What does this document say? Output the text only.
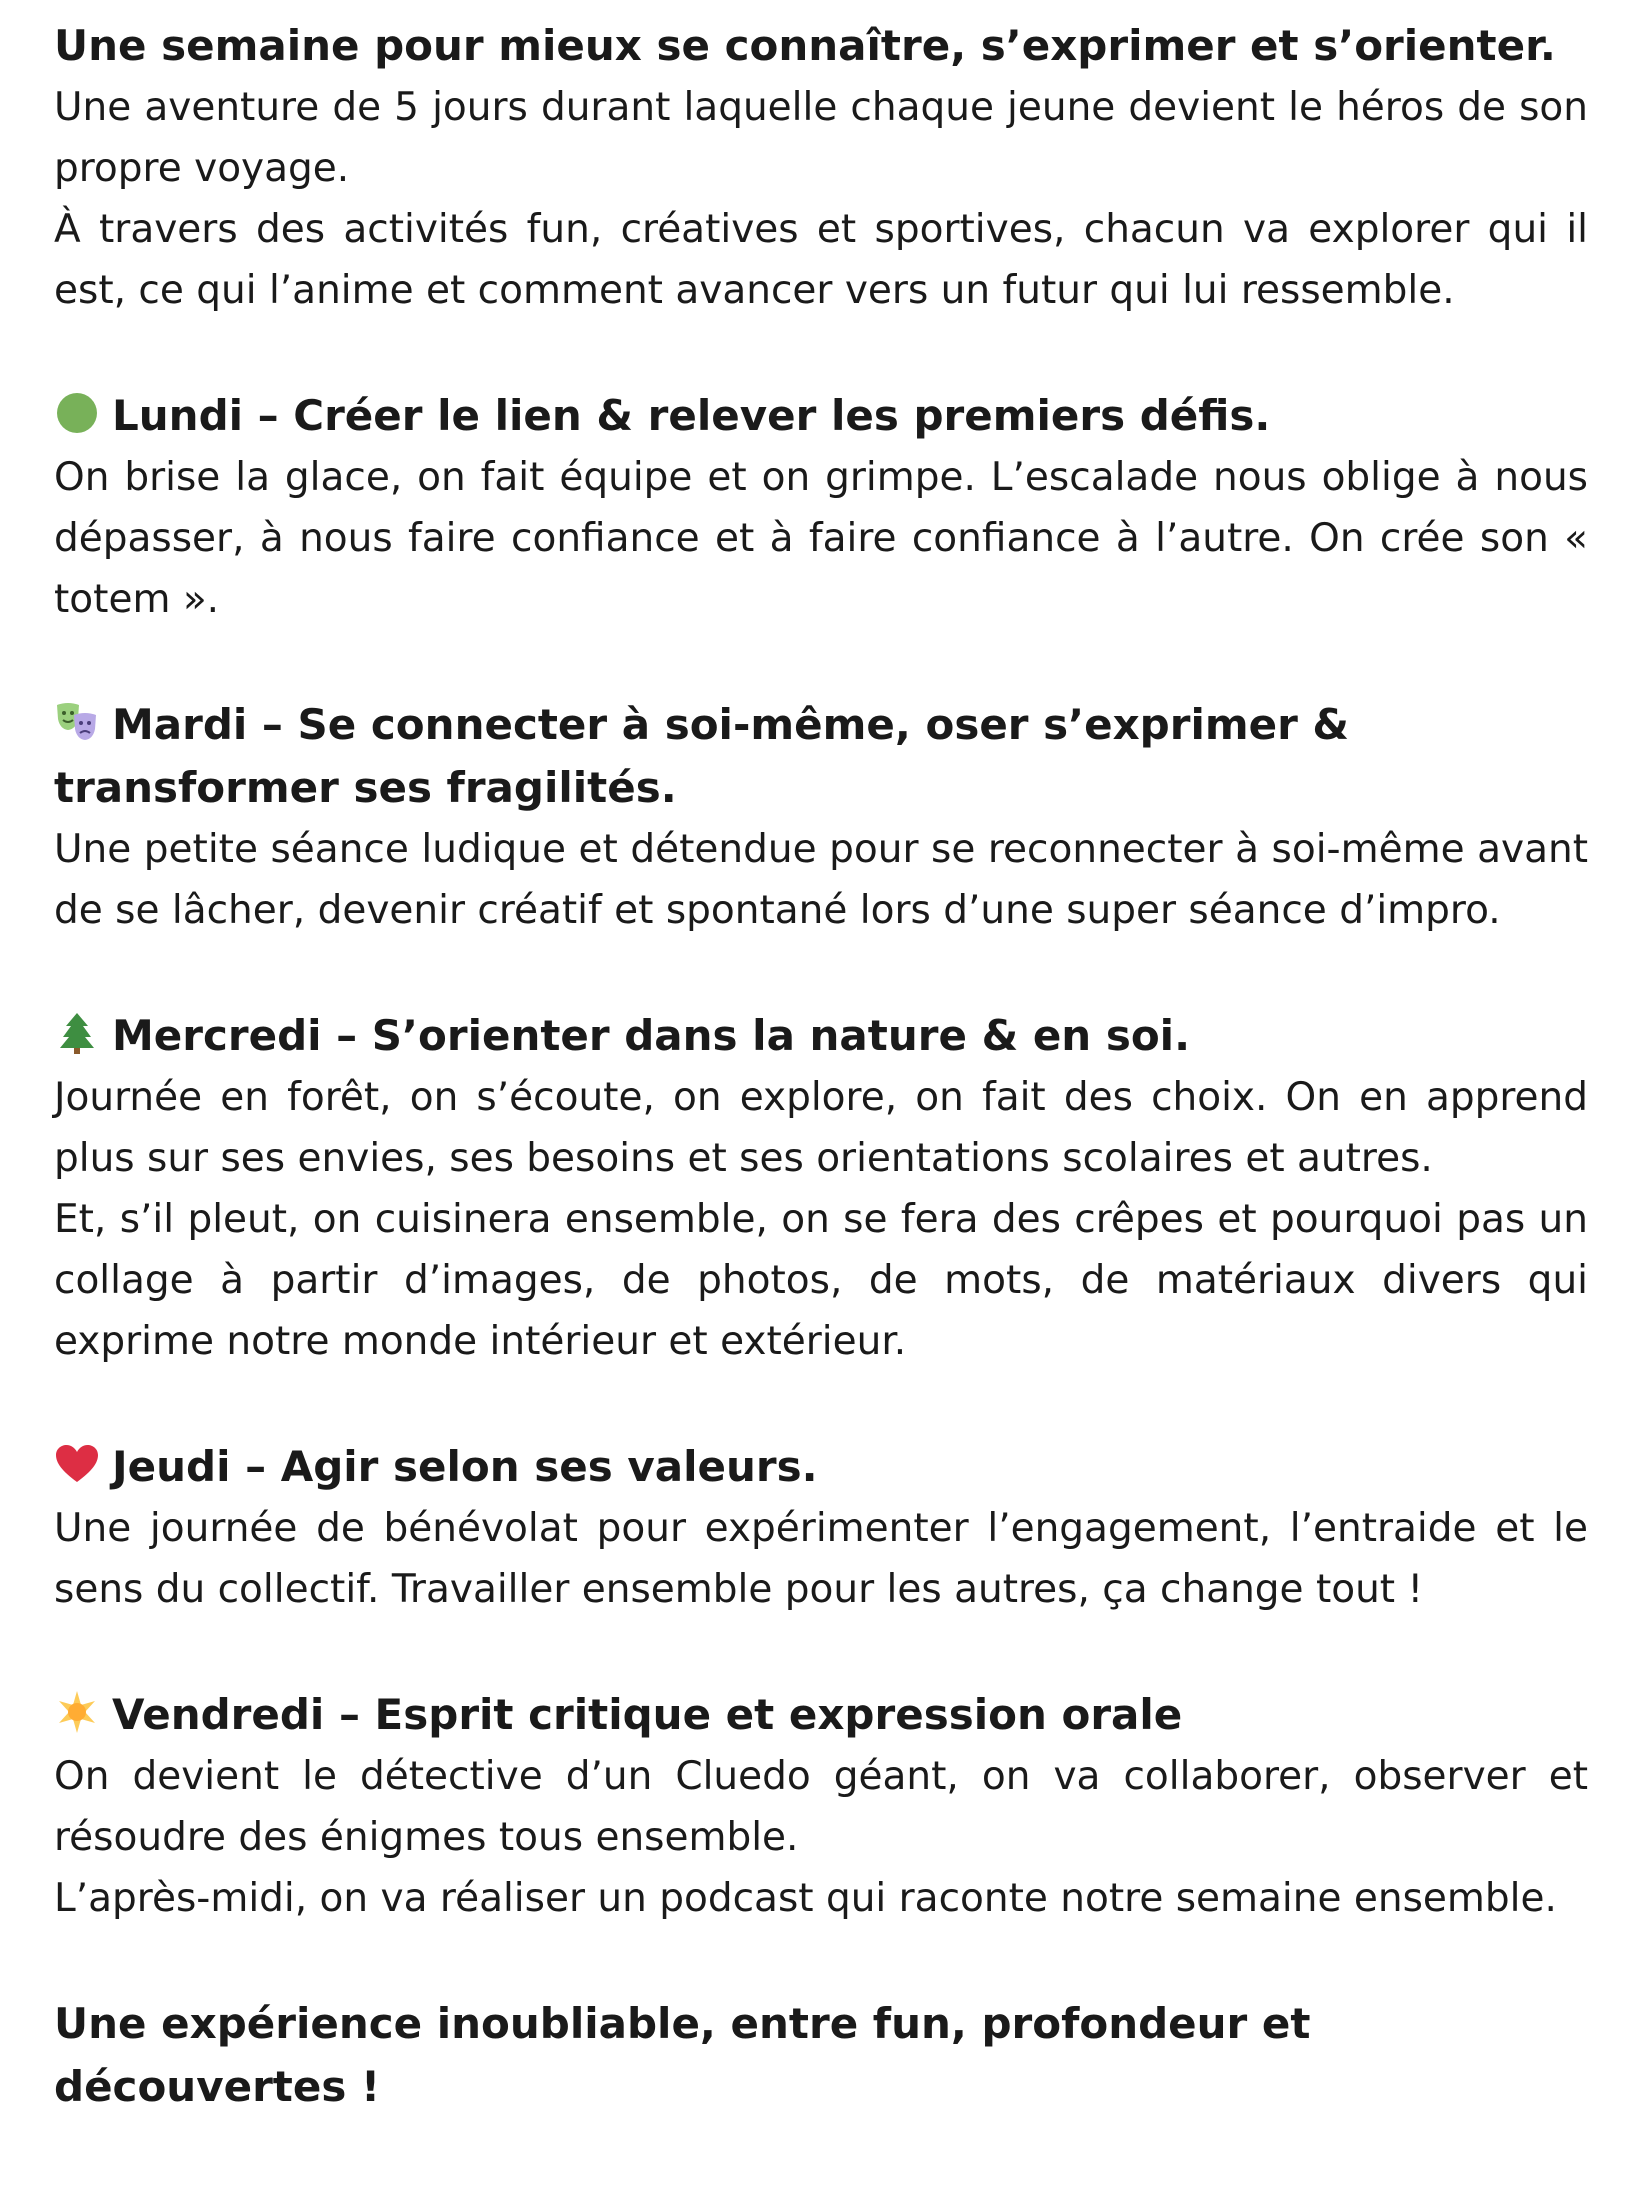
Une semaine pour mieux se connaître, s’exprimer et s’orienter.

Une aventure de 5 jours durant laquelle chaque jeune devient le héros de son propre voyage.

À travers des activités fun, créatives et sportives, chacun va explorer qui il est, ce qui l’anime et comment avancer vers un futur qui lui ressemble.

Lundi – Créer le lien & relever les premiers défis.

On brise la glace, on fait équipe et on grimpe. L’escalade nous oblige à nous dépasser, à nous faire confiance et à faire confiance à l’autre. On crée son « totem ».

Mardi – Se connecter à soi-même, oser s’exprimer & transformer ses fragilités.

Une petite séance ludique et détendue pour se reconnecter à soi-même avant de se lâcher, devenir créatif et spontané lors d’une super séance d’impro.

Mercredi – S’orienter dans la nature & en soi.

Journée en forêt, on s’écoute, on explore, on fait des choix. On en apprend plus sur ses envies, ses besoins et ses orientations scolaires et autres.

Et, s’il pleut, on cuisinera ensemble, on se fera des crêpes et pourquoi pas un collage à partir d’images, de photos, de mots, de matériaux divers qui exprime notre monde intérieur et extérieur.

Jeudi – Agir selon ses valeurs.

Une journée de bénévolat pour expérimenter l’engagement, l’entraide et le sens du collectif. Travailler ensemble pour les autres, ça change tout !

Vendredi – Esprit critique et expression orale

On devient le détective d’un Cluedo géant, on va collaborer, observer et résoudre des énigmes tous ensemble.

L’après-midi, on va réaliser un podcast qui raconte notre semaine ensemble.

Une expérience inoubliable, entre fun, profondeur et découvertes !
